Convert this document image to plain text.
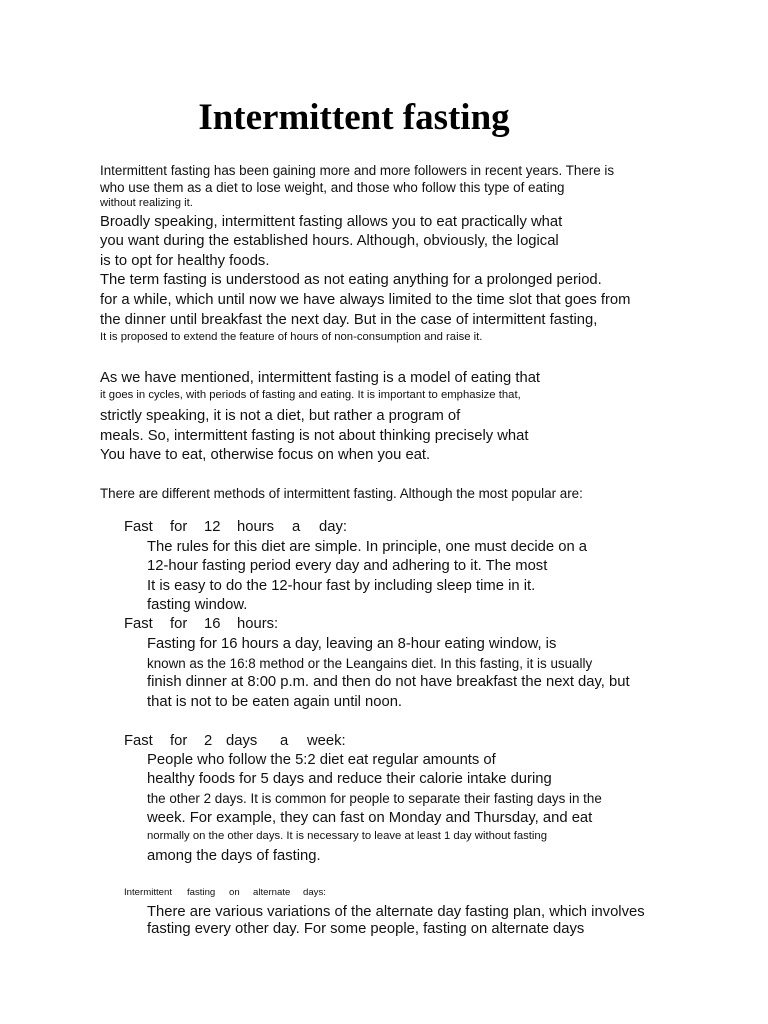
Intermittent fasting
Intermittent fasting has been gaining more and more followers in recent years. There is
who use them as a diet to lose weight, and those who follow this type of eating
without realizing it.
Broadly speaking, intermittent fasting allows you to eat practically what
you want during the established hours. Although, obviously, the logical
is to opt for healthy foods.
The term fasting is understood as not eating anything for a prolonged period.
for a while, which until now we have always limited to the time slot that goes from
the dinner until breakfast the next day. But in the case of intermittent fasting,
It is proposed to extend the feature of hours of non-consumption and raise it.
As we have mentioned, intermittent fasting is a model of eating that
it goes in cycles, with periods of fasting and eating. It is important to emphasize that,
strictly speaking, it is not a diet, but rather a program of
meals. So, intermittent fasting is not about thinking precisely what
You have to eat, otherwise focus on when you eat.
There are different methods of intermittent fasting. Although the most popular are:
Fast for 12 hours a day:
The rules for this diet are simple. In principle, one must decide on a
12-hour fasting period every day and adhering to it. The most
It is easy to do the 12-hour fast by including sleep time in it.
fasting window.
Fast for 16 hours:
Fasting for 16 hours a day, leaving an 8-hour eating window, is
known as the 16:8 method or the Leangains diet. In this fasting, it is usually
finish dinner at 8:00 p.m. and then do not have breakfast the next day, but
that is not to be eaten again until noon.
Fast for 2 days a week:
People who follow the 5:2 diet eat regular amounts of
healthy foods for 5 days and reduce their calorie intake during
the other 2 days. It is common for people to separate their fasting days in the
week. For example, they can fast on Monday and Thursday, and eat
normally on the other days. It is necessary to leave at least 1 day without fasting
among the days of fasting.
Intermittent fasting on alternate days:
There are various variations of the alternate day fasting plan, which involves
fasting every other day. For some people, fasting on alternate days
